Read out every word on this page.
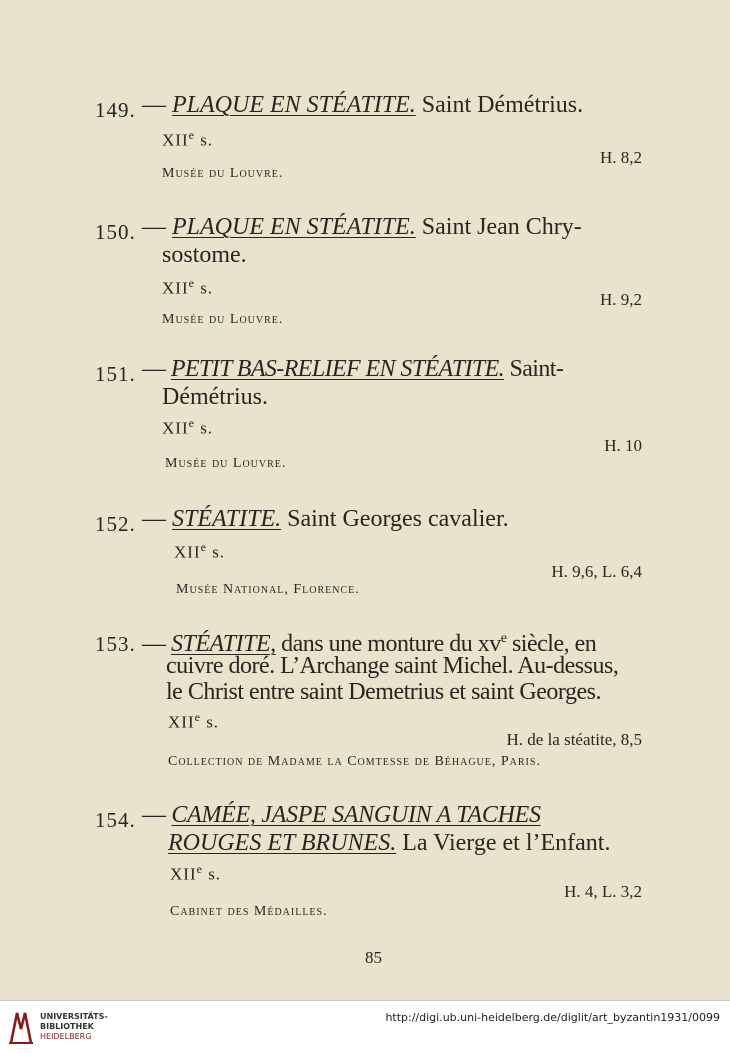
149. — PLAQUE EN STÉATITE. Saint Démétrius.
XIIe s.
H. 8,2
Musée du Louvre.
150. — PLAQUE EN STÉATITE. Saint Jean Chry-
sostome.
XIIe s.
H. 9,2
Musée du Louvre.
151. — PETIT BAS-RELIEF EN STÉATITE. Saint-
Démétrius.
XIIe s.
H. 10
Musée du Louvre.
152. — STÉATITE. Saint Georges cavalier.
XIIe s.
H. 9,6, L. 6,4
Musée National, Florence.
153. — STÉATITE, dans une monture du $xv^e$ siècle, en
cuivre doré. L’Archange saint Michel. Au-dessus,
le Christ entre saint Demetrius et saint Georges.
XIIe s.
H. de la stéatite, 8,5
Collection de Madame la Comtesse de Béhague, Paris.
154. — CAMÉE, JASPE SANGUIN A TACHES
ROUGES ET BRUNES. La Vierge et l’Enfant.
XIIe s.
H. 4, L. 3,2
Cabinet des Médailles.
85
UNIVERSITÄTS-
BIBLIOTHEK
HEIDELBERG
http://digi.ub.uni-heidelberg.de/diglit/art_byzantin1931/0099
